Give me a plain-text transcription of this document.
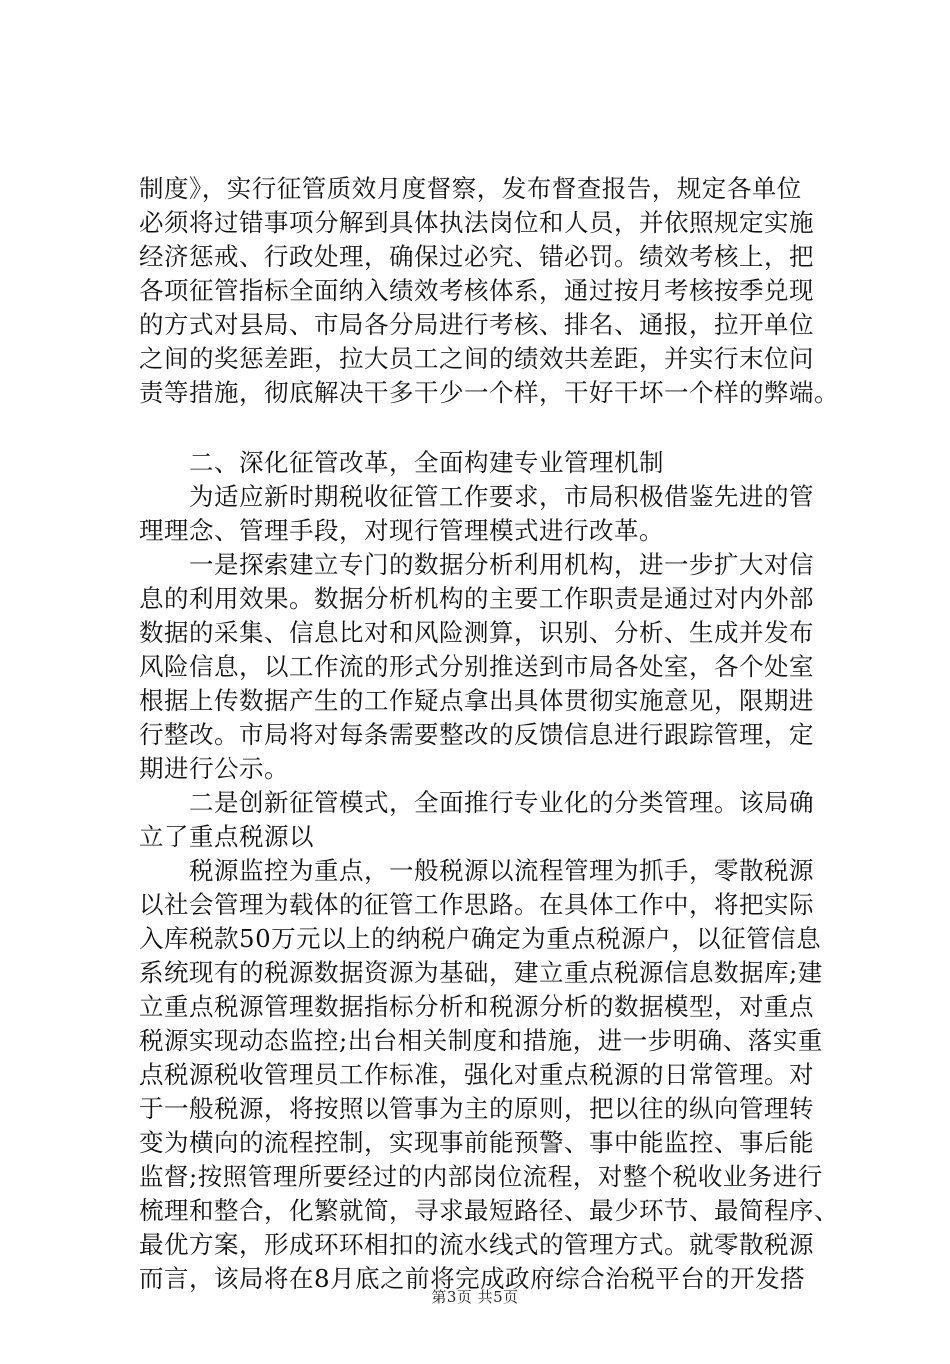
制度》，实行征管质效月度督察，发布督查报告，规定各单位
必须将过错事项分解到具体执法岗位和人员，并依照规定实施
经济惩戒、行政处理，确保过必究、错必罚。绩效考核上，把
各项征管指标全面纳入绩效考核体系，通过按月考核按季兑现
的方式对县局、市局各分局进行考核、排名、通报，拉开单位
之间的奖惩差距，拉大员工之间的绩效共差距，并实行末位问
责等措施，彻底解决干多干少一个样，干好干坏一个样的弊端。
　　二、深化征管改革，全面构建专业管理机制
　　为适应新时期税收征管工作要求，市局积极借鉴先进的管
理理念、管理手段，对现行管理模式进行改革。
　　一是探索建立专门的数据分析利用机构，进一步扩大对信
息的利用效果。数据分析机构的主要工作职责是通过对内外部
数据的采集、信息比对和风险测算，识别、分析、生成并发布
风险信息，以工作流的形式分别推送到市局各处室，各个处室
根据上传数据产生的工作疑点拿出具体贯彻实施意见，限期进
行整改。市局将对每条需要整改的反馈信息进行跟踪管理，定
期进行公示。
　　二是创新征管模式，全面推行专业化的分类管理。该局确
立了重点税源以
　　税源监控为重点，一般税源以流程管理为抓手，零散税源
以社会管理为载体的征管工作思路。在具体工作中，将把实际
入库税款50万元以上的纳税户确定为重点税源户，以征管信息
系统现有的税源数据资源为基础，建立重点税源信息数据库;建
立重点税源管理数据指标分析和税源分析的数据模型，对重点
税源实现动态监控;出台相关制度和措施，进一步明确、落实重
点税源税收管理员工作标准，强化对重点税源的日常管理。对
于一般税源，将按照以管事为主的原则，把以往的纵向管理转
变为横向的流程控制，实现事前能预警、事中能监控、事后能
监督;按照管理所要经过的内部岗位流程，对整个税收业务进行
梳理和整合，化繁就简，寻求最短路径、最少环节、最简程序、
最优方案，形成环环相扣的流水线式的管理方式。就零散税源
而言，该局将在8月底之前将完成政府综合治税平台的开发搭
第3页 共5页
